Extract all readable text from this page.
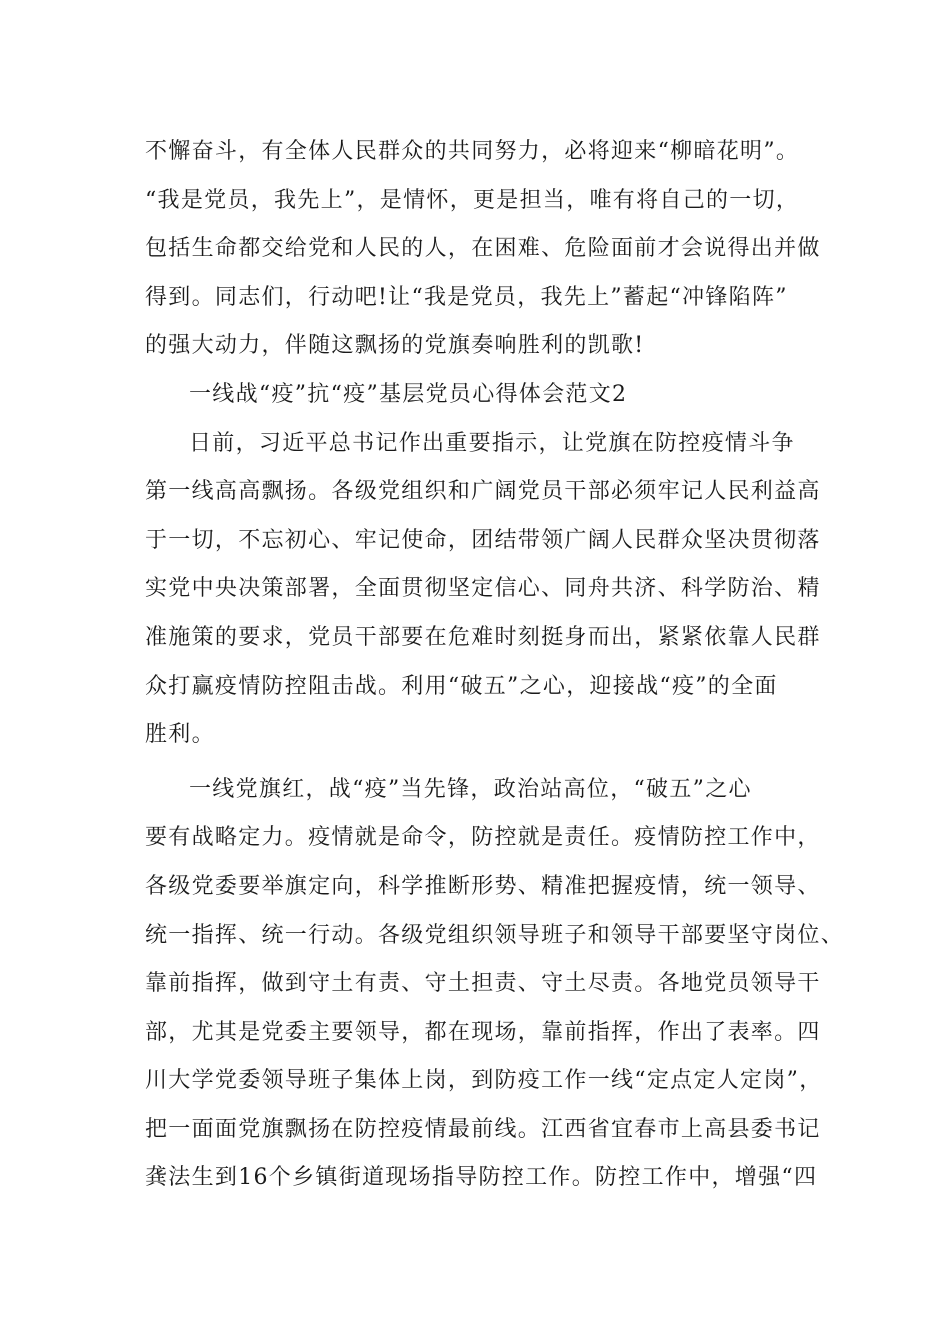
不懈奋斗，有全体人民群众的共同努力，必将迎来“柳暗花明”。
“我是党员，我先上”，是情怀，更是担当，唯有将自己的一切，
包括生命都交给党和人民的人，在困难、危险面前才会说得出并做
得到。同志们，行动吧!让“我是党员，我先上”蓄起“冲锋陷阵”
的强大动力，伴随这飘扬的党旗奏响胜利的凯歌!
一线战“疫”抗“疫”基层党员心得体会范文2
日前，习近平总书记作出重要指示，让党旗在防控疫情斗争
第一线高高飘扬。各级党组织和广阔党员干部必须牢记人民利益高
于一切，不忘初心、牢记使命，团结带领广阔人民群众坚决贯彻落
实党中央决策部署，全面贯彻坚定信心、同舟共济、科学防治、精
准施策的要求，党员干部要在危难时刻挺身而出，紧紧依靠人民群
众打赢疫情防控阻击战。利用“破五”之心，迎接战“疫”的全面
胜利。
一线党旗红，战“疫”当先锋，政治站高位，“破五”之心
要有战略定力。疫情就是命令，防控就是责任。疫情防控工作中，
各级党委要举旗定向，科学推断形势、精准把握疫情，统一领导、
统一指挥、统一行动。各级党组织领导班子和领导干部要坚守岗位、
靠前指挥，做到守土有责、守土担责、守土尽责。各地党员领导干
部，尤其是党委主要领导，都在现场，靠前指挥，作出了表率。四
川大学党委领导班子集体上岗，到防疫工作一线“定点定人定岗”，
把一面面党旗飘扬在防控疫情最前线。江西省宜春市上高县委书记
龚法生到16个乡镇街道现场指导防控工作。防控工作中，增强“四
